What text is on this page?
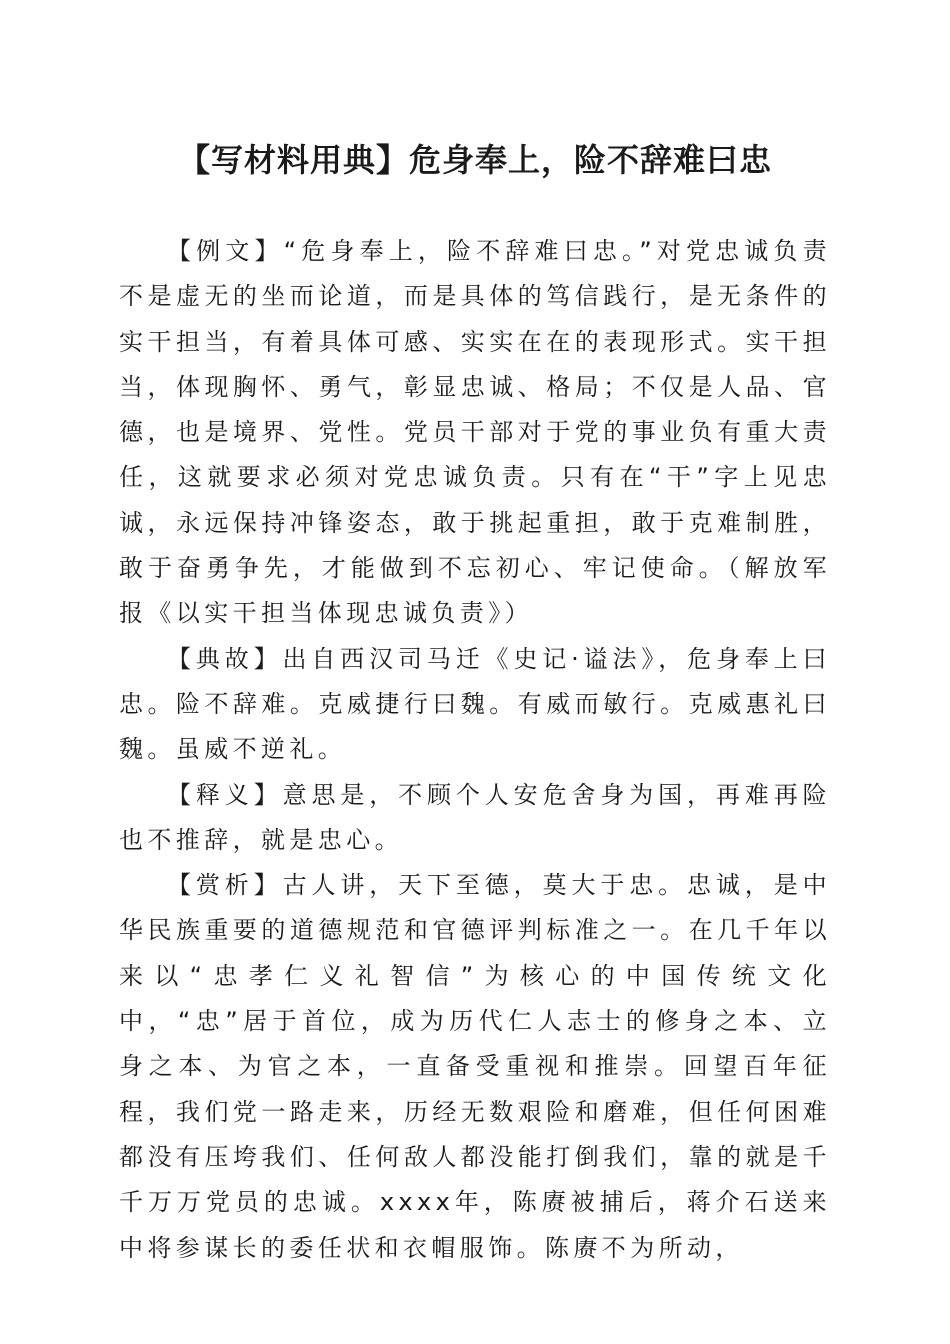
【写材料用典】危身奉上，险不辞难曰忠

【例文】“危身奉上，险不辞难曰忠。”对党忠诚负责不是虚无的坐而论道，而是具体的笃信践行，是无条件的实干担当，有着具体可感、实实在在的表现形式。实干担当，体现胸怀、勇气，彰显忠诚、格局；不仅是人品、官德，也是境界、党性。党员干部对于党的事业负有重大责任，这就要求必须对党忠诚负责。只有在“干”字上见忠诚，永远保持冲锋姿态，敢于挑起重担，敢于克难制胜，敢于奋勇争先，才能做到不忘初心、牢记使命。（解放军报《以实干担当体现忠诚负责》）

【典故】出自西汉司马迁《史记·谥法》，危身奉上曰忠。险不辞难。克威捷行曰魏。有威而敏行。克威惠礼曰魏。虽威不逆礼。

【释义】意思是，不顾个人安危舍身为国，再难再险也不推辞，就是忠心。

【赏析】古人讲，天下至德，莫大于忠。忠诚，是中华民族重要的道德规范和官德评判标准之一。在几千年以来以“忠孝仁义礼智信”为核心的中国传统文化中，“忠”居于首位，成为历代仁人志士的修身之本、立身之本、为官之本，一直备受重视和推崇。回望百年征程，我们党一路走来，历经无数艰险和磨难，但任何困难都没有压垮我们、任何敌人都没能打倒我们，靠的就是千千万万党员的忠诚。xxxx年，陈赓被捕后，蒋介石送来中将参谋长的委任状和衣帽服饰。陈赓不为所动，
